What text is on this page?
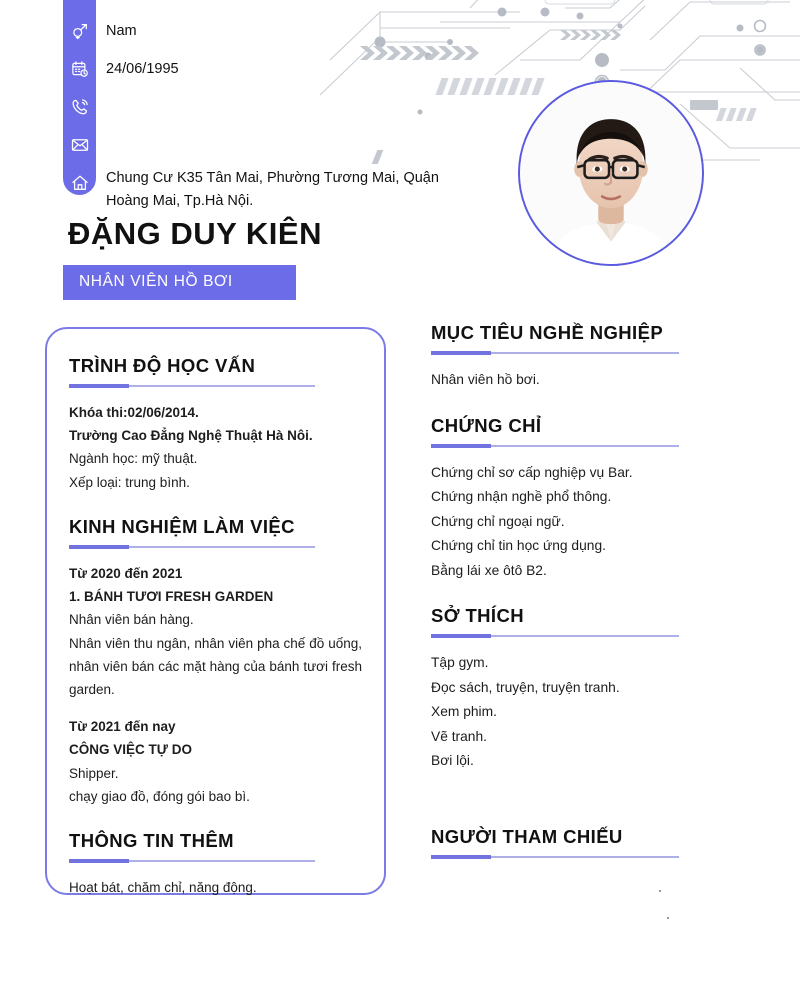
Nam
24/06/1995
Chung Cư K35 Tân Mai, Phường Tương Mai, Quận Hoàng Mai, Tp.Hà Nội.
ĐẶNG DUY KIÊN
NHÂN VIÊN HỒ BƠI
TRÌNH ĐỘ HỌC VẤN
Khóa thi:02/06/2014.
Trường Cao Đẳng Nghệ Thuật Hà Nôi.
Ngành học: mỹ thuật.
Xếp loại: trung bình.
KINH NGHIỆM LÀM VIỆC
Từ 2020 đến 2021
1. BÁNH TƯƠI FRESH GARDEN
Nhân viên bán hàng.
Nhân viên thu ngân, nhân viên pha chế đồ uống, nhân viên bán các mặt hàng của bánh tươi fresh garden.
Từ 2021 đến nay
CÔNG VIỆC TỰ DO
Shipper.
chạy giao đồ, đóng gói bao bì.
THÔNG TIN THÊM
Hoạt bát, chăm chỉ, năng động.
MỤC TIÊU NGHỀ NGHIỆP
Nhân viên hồ bơi.
CHỨNG CHỈ
Chứng chỉ sơ cấp nghiệp vụ Bar.
Chứng nhận nghề phổ thông.
Chứng chỉ ngoại ngữ.
Chứng chỉ tin học ứng dụng.
Bằng lái xe ôtô B2.
SỞ THÍCH
Tập gym.
Đọc sách, truyện, truyện tranh.
Xem phim.
Vẽ tranh.
Bơi lội.
NGƯỜI THAM CHIẾU
